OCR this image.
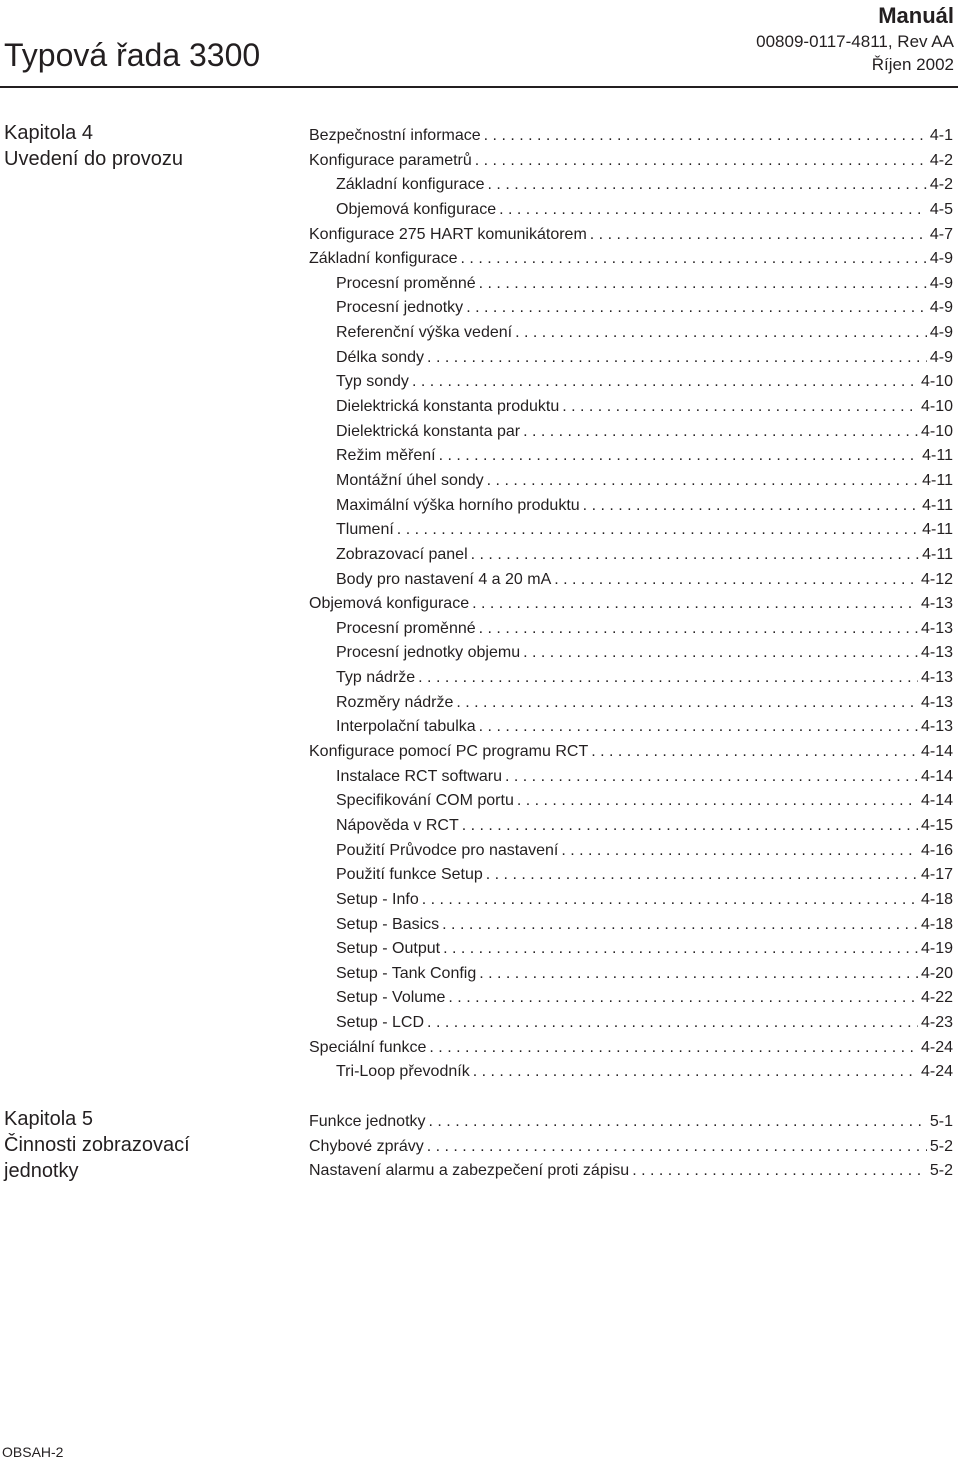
Typová řada 3300
Manuál
00809-0117-4811, Rev AA
Říjen 2002
Kapitola 4
Uvedení do provozu
Bezpečnostní informace . . .	4-1
Konfigurace parametrů . . .	4-2
Základní konfigurace . . .	4-2
Objemová konfigurace . . .	4-5
Konfigurace 275 HART komunikátorem . . .	4-7
Základní konfigurace . . .	4-9
Procesní proměnné . . .	4-9
Procesní jednotky . . .	4-9
Referenční výška vedení . . .	4-9
Délka sondy . . .	4-9
Typ sondy . . .	4-10
Dielektrická konstanta produktu . . .	4-10
Dielektrická konstanta par . . .	4-10
Režim měření . . .	4-11
Montážní úhel sondy . . .	4-11
Maximální výška horního produktu . . .	4-11
Tlumení . . .	4-11
Zobrazovací panel . . .	4-11
Body pro nastavení 4 a 20 mA . . .	4-12
Objemová konfigurace . . .	4-13
Procesní proměnné . . .	4-13
Procesní jednotky objemu . . .	4-13
Typ nádrže . . .	4-13
Rozměry nádrže . . .	4-13
Interpolační tabulka . . .	4-13
Konfigurace pomocí PC programu RCT . . .	4-14
Instalace RCT softwaru . . .	4-14
Specifikování COM portu . . .	4-14
Nápověda v RCT . . .	4-15
Použití Průvodce pro nastavení . . .	4-16
Použití funkce Setup . . .	4-17
Setup - Info . . .	4-18
Setup - Basics . . .	4-18
Setup - Output . . .	4-19
Setup - Tank Config . . .	4-20
Setup - Volume . . .	4-22
Setup - LCD . . .	4-23
Speciální funkce . . .	4-24
Tri-Loop převodník . . .	4-24
Kapitola 5
Činnosti zobrazovací
jednotky
Funkce jednotky . . .	5-1
Chybové zprávy . . .	5-2
Nastavení alarmu a zabezpečení proti zápisu . . .	5-2
OBSAH-2
